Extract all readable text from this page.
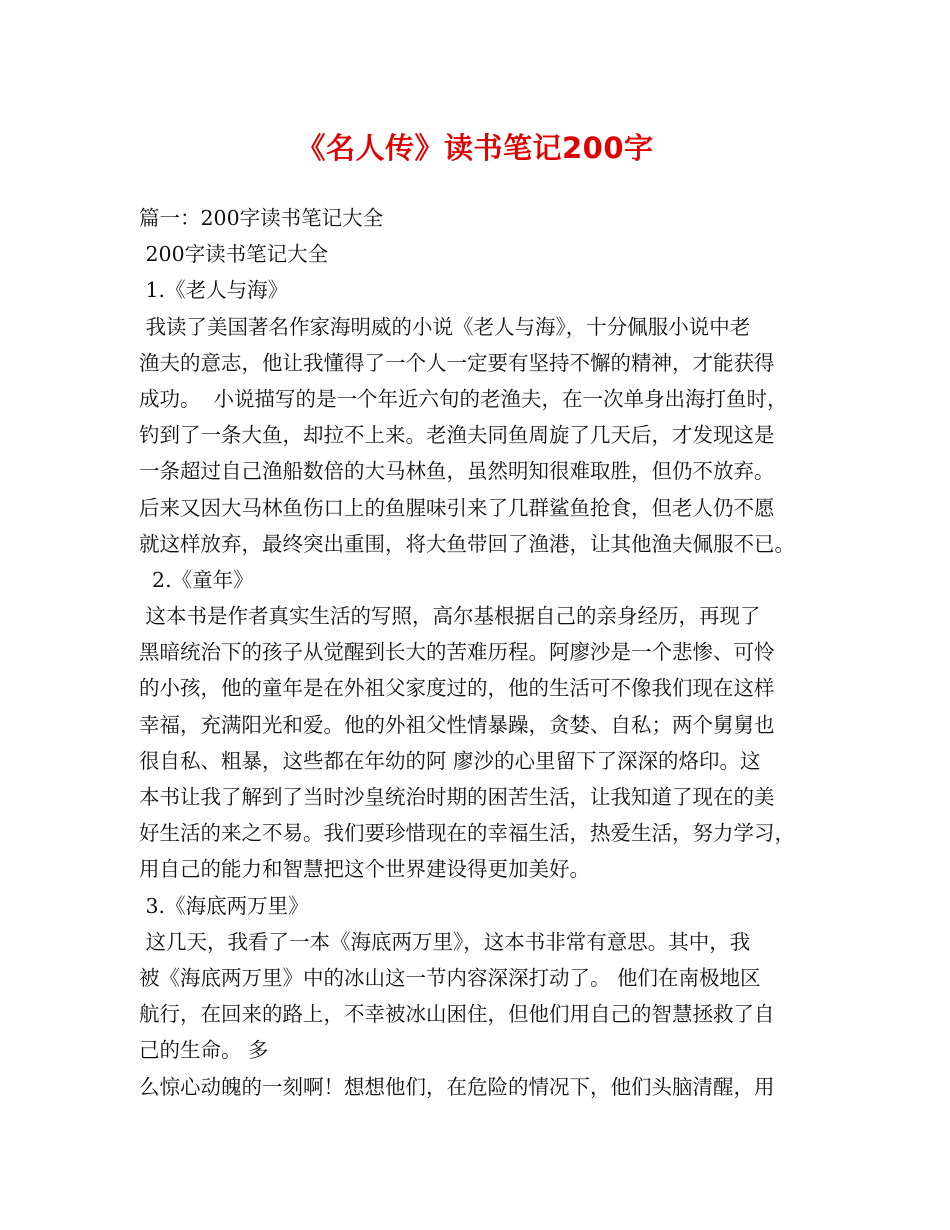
《名人传》读书笔记200字
篇一：200字读书笔记大全
200字读书笔记大全
1.《老人与海》
我读了美国著名作家海明威的小说《老人与海》，十分佩服小说中老
渔夫的意志，他让我懂得了一个人一定要有坚持不懈的精神，才能获得
成功。  小说描写的是一个年近六旬的老渔夫，在一次单身出海打鱼时，
钓到了一条大鱼，却拉不上来。老渔夫同鱼周旋了几天后，才发现这是
一条超过自己渔船数倍的大马林鱼，虽然明知很难取胜，但仍不放弃。
后来又因大马林鱼伤口上的鱼腥味引来了几群鲨鱼抢食，但老人仍不愿
就这样放弃，最终突出重围，将大鱼带回了渔港，让其他渔夫佩服不已。
2.《童年》
这本书是作者真实生活的写照，高尔基根据自己的亲身经历，再现了
黑暗统治下的孩子从觉醒到长大的苦难历程。阿廖沙是一个悲惨、可怜
的小孩，他的童年是在外祖父家度过的，他的生活可不像我们现在这样
幸福，充满阳光和爱。他的外祖父性情暴躁，贪婪、自私；两个舅舅也
很自私、粗暴，这些都在年幼的阿 廖沙的心里留下了深深的烙印。这
本书让我了解到了当时沙皇统治时期的困苦生活，让我知道了现在的美
好生活的来之不易。我们要珍惜现在的幸福生活，热爱生活，努力学习，
用自己的能力和智慧把这个世界建设得更加美好。
3.《海底两万里》
这几天，我看了一本《海底两万里》，这本书非常有意思。其中，我
被《海底两万里》中的冰山这一节内容深深打动了。 他们在南极地区
航行，在回来的路上，不幸被冰山困住，但他们用自己的智慧拯救了自
己的生命。 多
么惊心动魄的一刻啊！想想他们，在危险的情况下，他们头脑清醒，用
